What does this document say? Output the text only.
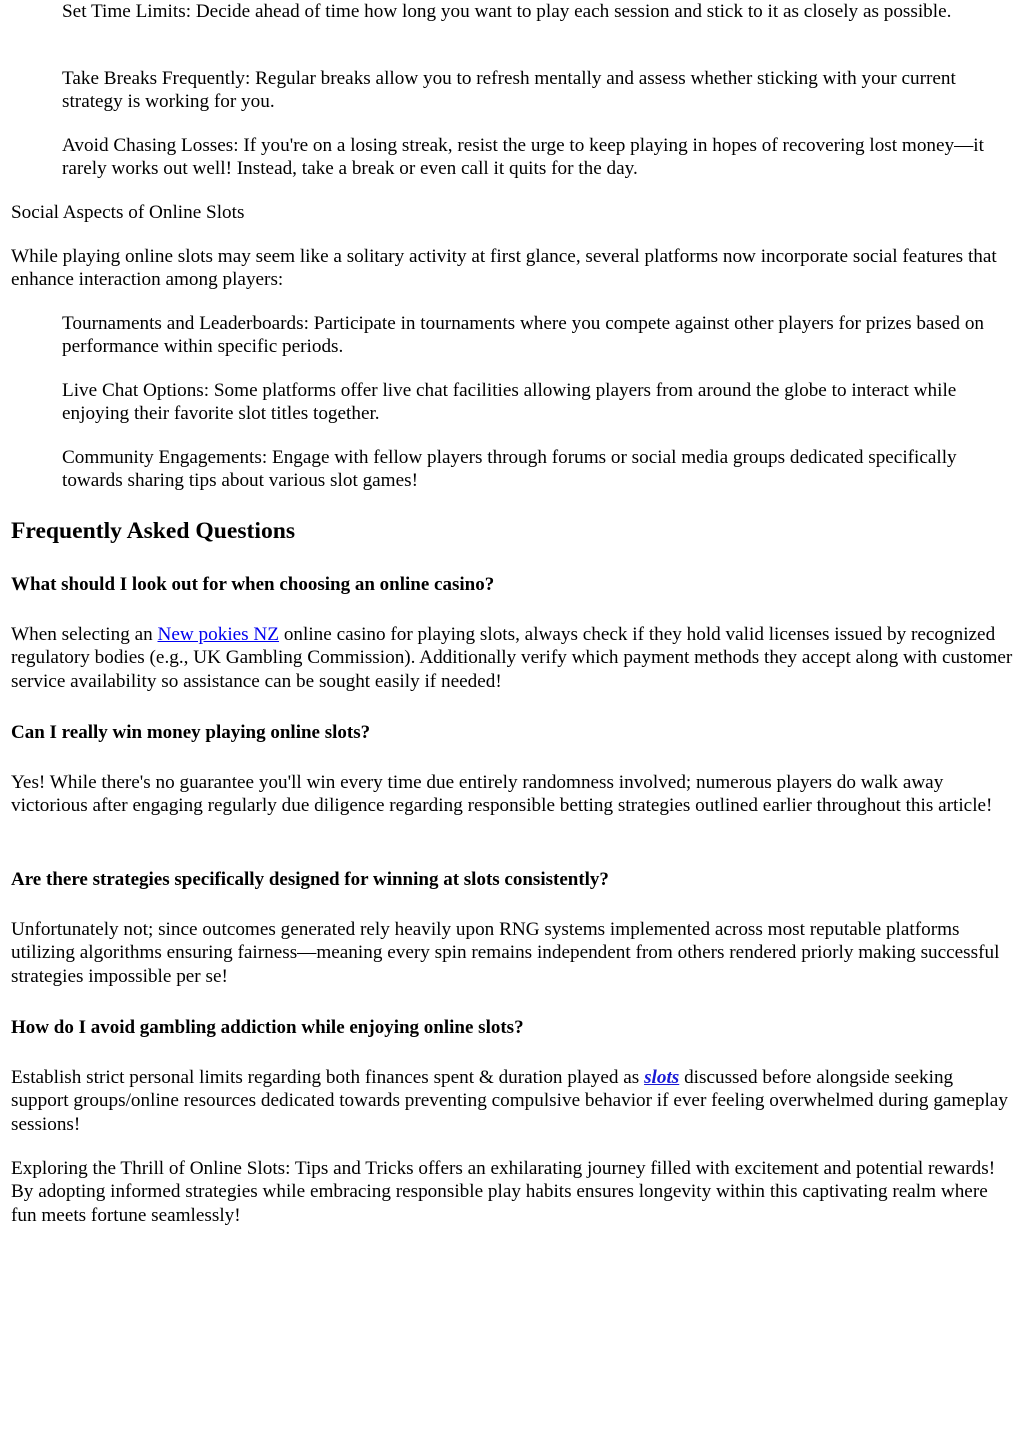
Set Time Limits: Decide ahead of time how long you want to play each session and stick to it as closely as possible.

Take Breaks Frequently: Regular breaks allow you to refresh mentally and assess whether sticking with your current strategy is working for you.

Avoid Chasing Losses: If you're on a losing streak, resist the urge to keep playing in hopes of recovering lost money—it rarely works out well! Instead, take a break or even call it quits for the day.

Social Aspects of Online Slots

While playing online slots may seem like a solitary activity at first glance, several platforms now incorporate social features that enhance interaction among players:

Tournaments and Leaderboards: Participate in tournaments where you compete against other players for prizes based on performance within specific periods.

Live Chat Options: Some platforms offer live chat facilities allowing players from around the globe to interact while enjoying their favorite slot titles together.

Community Engagements: Engage with fellow players through forums or social media groups dedicated specifically towards sharing tips about various slot games!

Frequently Asked Questions
What should I look out for when choosing an online casino?

When selecting an New pokies NZ online casino for playing slots, always check if they hold valid licenses issued by recognized regulatory bodies (e.g., UK Gambling Commission). Additionally verify which payment methods they accept along with customer service availability so assistance can be sought easily if needed!

Can I really win money playing online slots?

Yes! While there's no guarantee you'll win every time due entirely randomness involved; numerous players do walk away victorious after engaging regularly due diligence regarding responsible betting strategies outlined earlier throughout this article!

Are there strategies specifically designed for winning at slots consistently?

Unfortunately not; since outcomes generated rely heavily upon RNG systems implemented across most reputable platforms utilizing algorithms ensuring fairness—meaning every spin remains independent from others rendered priorly making successful strategies impossible per se!

How do I avoid gambling addiction while enjoying online slots?

Establish strict personal limits regarding both finances spent & duration played as slots discussed before alongside seeking support groups/online resources dedicated towards preventing compulsive behavior if ever feeling overwhelmed during gameplay sessions!

Exploring the Thrill of Online Slots: Tips and Tricks offers an exhilarating journey filled with excitement and potential rewards! By adopting informed strategies while embracing responsible play habits ensures longevity within this captivating realm where fun meets fortune seamlessly!
